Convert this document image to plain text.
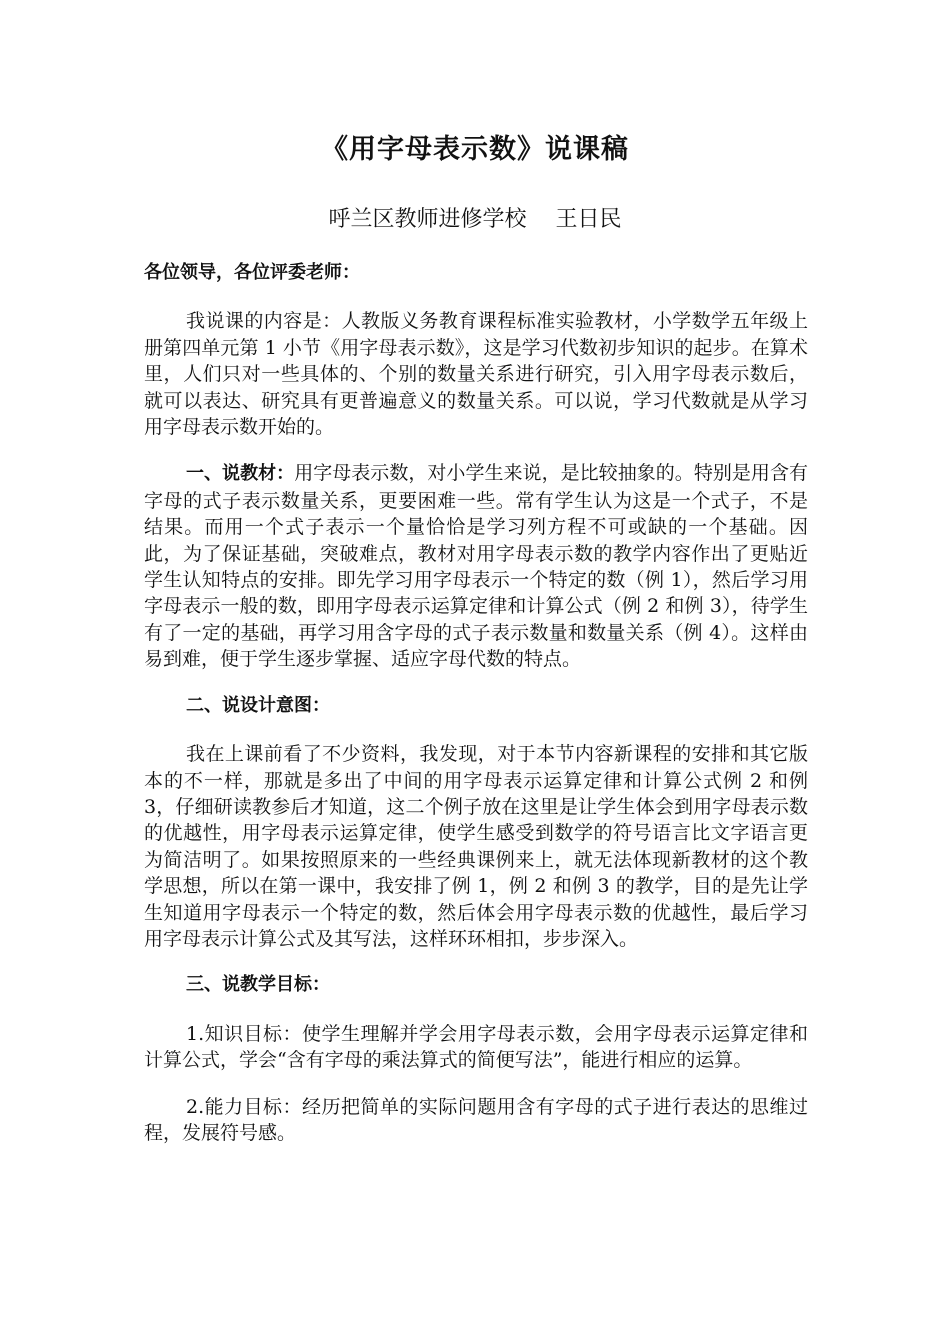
《用字母表示数》说课稿
呼兰区教师进修学校　 王日民

各位领导，各位评委老师：

我说课的内容是：人教版义务教育课程标准实验教材，小学数学五年级上册第四单元第 1 小节《用字母表示数》，这是学习代数初步知识的起步。在算术里，人们只对一些具体的、个别的数量关系进行研究，引入用字母表示数后，就可以表达、研究具有更普遍意义的数量关系。可以说，学习代数就是从学习用字母表示数开始的。

一、说教材：用字母表示数，对小学生来说，是比较抽象的。特别是用含有字母的式子表示数量关系，更要困难一些。常有学生认为这是一个式子，不是结果。而用一个式子表示一个量恰恰是学习列方程不可或缺的一个基础。因此，为了保证基础，突破难点，教材对用字母表示数的教学内容作出了更贴近学生认知特点的安排。即先学习用字母表示一个特定的数（例 1），然后学习用字母表示一般的数，即用字母表示运算定律和计算公式（例 2 和例 3），待学生有了一定的基础，再学习用含字母的式子表示数量和数量关系（例 4）。这样由易到难，便于学生逐步掌握、适应字母代数的特点。

二、说设计意图：

我在上课前看了不少资料，我发现，对于本节内容新课程的安排和其它版本的不一样，那就是多出了中间的用字母表示运算定律和计算公式例 2 和例 3，仔细研读教参后才知道，这二个例子放在这里是让学生体会到用字母表示数的优越性，用字母表示运算定律，使学生感受到数学的符号语言比文字语言更为简洁明了。如果按照原来的一些经典课例来上，就无法体现新教材的这个教学思想，所以在第一课中，我安排了例 1，例 2 和例 3 的教学，目的是先让学生知道用字母表示一个特定的数，然后体会用字母表示数的优越性，最后学习用字母表示计算公式及其写法，这样环环相扣，步步深入。

三、说教学目标：

1.知识目标：使学生理解并学会用字母表示数，会用字母表示运算定律和计算公式，学会“含有字母的乘法算式的简便写法”，能进行相应的运算。

2.能力目标：经历把简单的实际问题用含有字母的式子进行表达的思维过程，发展符号感。
